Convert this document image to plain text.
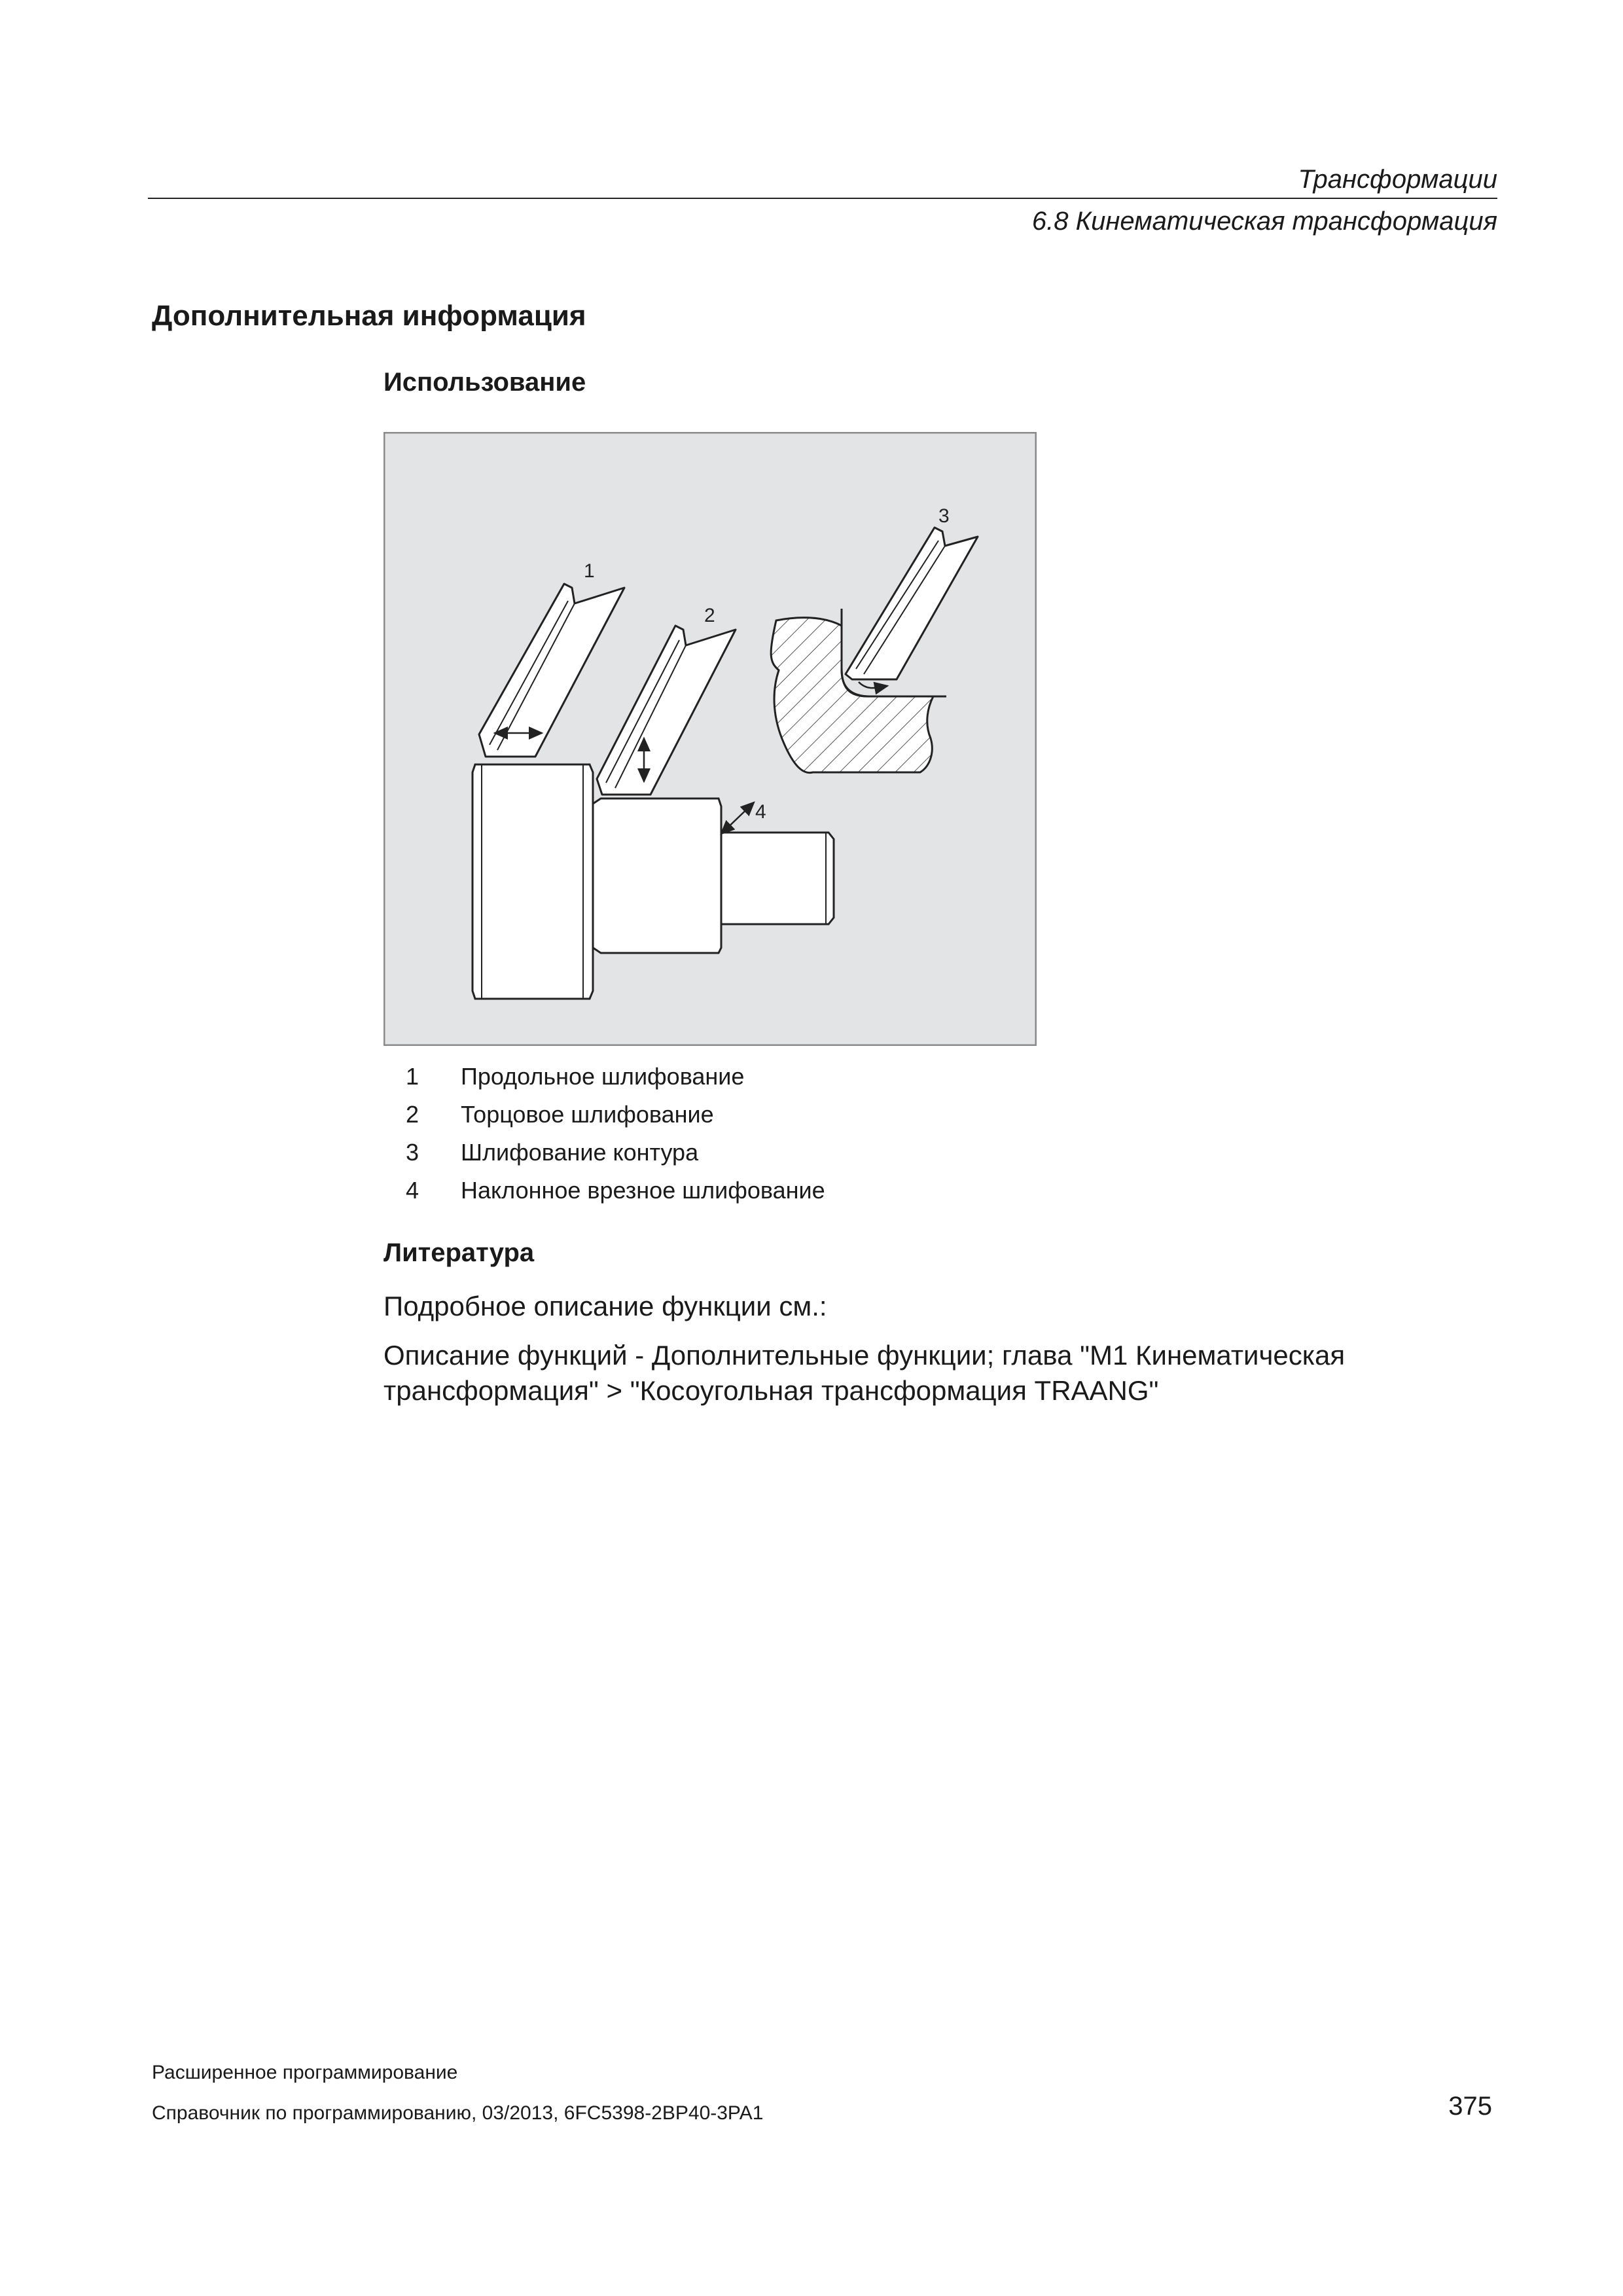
Трансформации
6.8 Кинематическая трансформация
Дополнительная информация
Использование
1
2
3
4
1	Продольное шлифование
2	Торцовое шлифование
3	Шлифование контура
4	Наклонное врезное шлифование
Литература
Подробное описание функции см.:
Описание функций - Дополнительные функции; глава "M1 Кинематическая трансформация" > "Косоугольная трансформация TRAANG"
Расширенное программирование
Справочник по программированию, 03/2013, 6FC5398-2BP40-3PA1	375
